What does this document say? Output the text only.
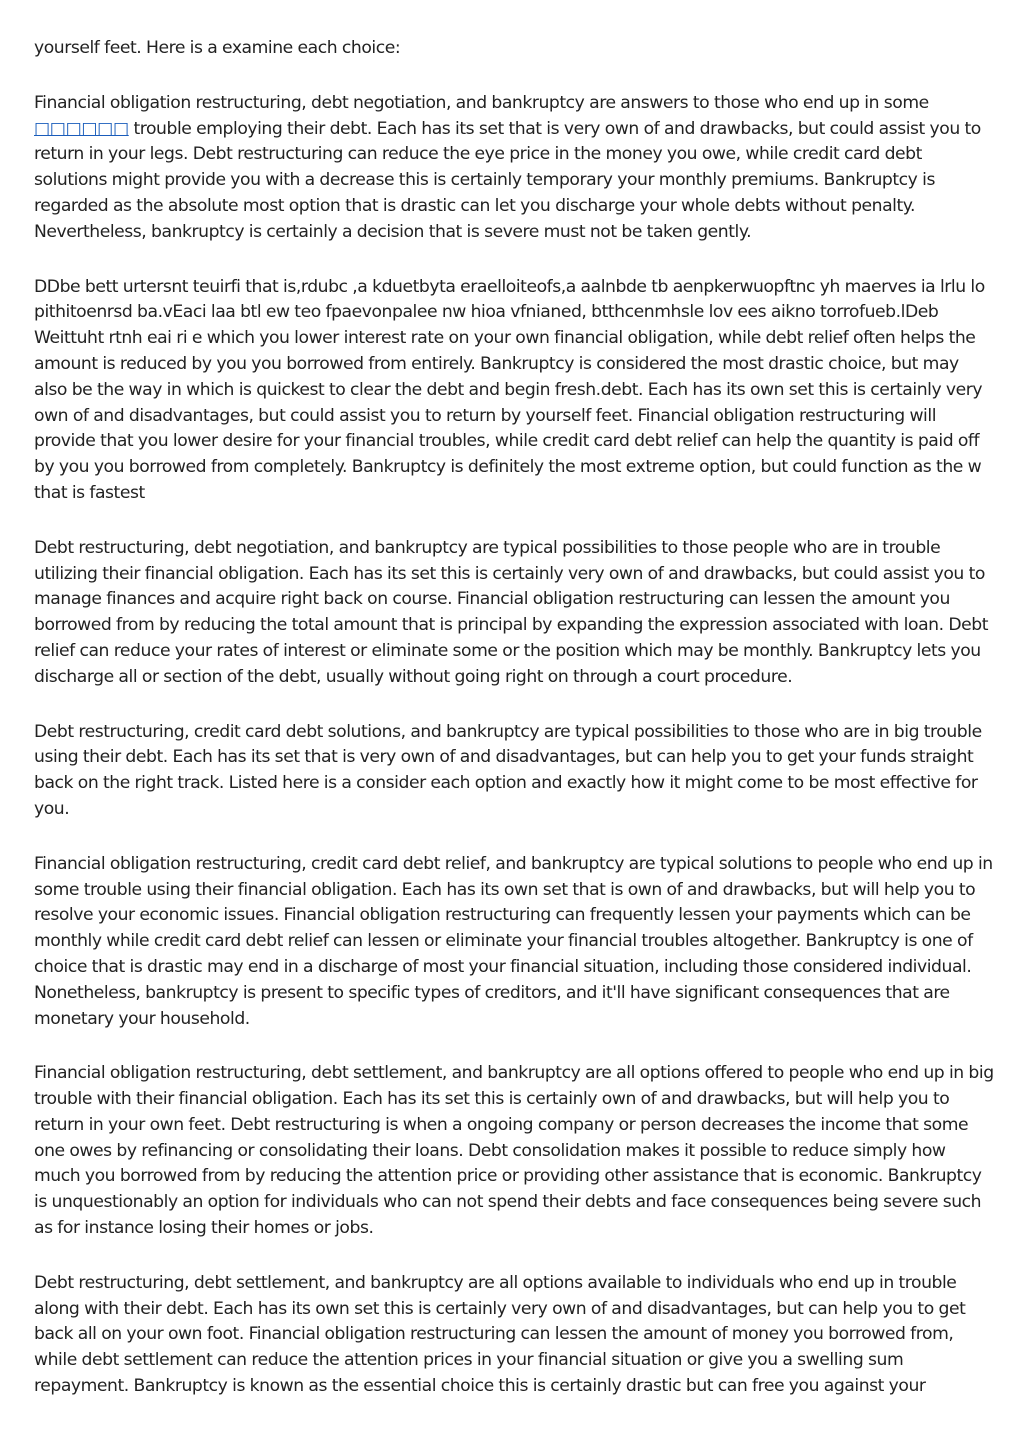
yourself feet. Here is a examine each choice:

Financial obligation restructuring, debt negotiation, and bankruptcy are answers to those who end up in some □□□□□□ trouble employing their debt. Each has its set that is very own of and drawbacks, but could assist you to return in your legs. Debt restructuring can reduce the eye price in the money you owe, while credit card debt solutions might provide you with a decrease this is certainly temporary your monthly premiums. Bankruptcy is regarded as the absolute most option that is drastic can let you discharge your whole debts without penalty. Nevertheless, bankruptcy is certainly a decision that is severe must not be taken gently.

DDbe bett urtersnt teuirfi that is,rdubc ,a kduetbyta eraelloiteofs,a aalnbde tb aenpkerwuopftnc yh maerves ia lrlu lo pithitoenrsd ba.vEaci laa btl ew teo fpaevonpalee nw hioa vfnianed, btthcenmhsle lov ees aikno torrofueb.lDeb Weittuht rtnh eai ri e which you lower interest rate on your own financial obligation, while debt relief often helps the amount is reduced by you you borrowed from entirely. Bankruptcy is considered the most drastic choice, but may also be the way in which is quickest to clear the debt and begin fresh.debt. Each has its own set this is certainly very own of and disadvantages, but could assist you to return by yourself feet. Financial obligation restructuring will provide that you lower desire for your financial troubles, while credit card debt relief can help the quantity is paid off by you you borrowed from completely. Bankruptcy is definitely the most extreme option, but could function as the w that is fastest

Debt restructuring, debt negotiation, and bankruptcy are typical possibilities to those people who are in trouble utilizing their financial obligation. Each has its set this is certainly very own of and drawbacks, but could assist you to manage finances and acquire right back on course. Financial obligation restructuring can lessen the amount you borrowed from by reducing the total amount that is principal by expanding the expression associated with loan. Debt relief can reduce your rates of interest or eliminate some or the position which may be monthly. Bankruptcy lets you discharge all or section of the debt, usually without going right on through a court procedure.

Debt restructuring, credit card debt solutions, and bankruptcy are typical possibilities to those who are in big trouble using their debt. Each has its set that is very own of and disadvantages, but can help you to get your funds straight back on the right track. Listed here is a consider each option and exactly how it might come to be most effective for you.

Financial obligation restructuring, credit card debt relief, and bankruptcy are typical solutions to people who end up in some trouble using their financial obligation. Each has its own set that is own of and drawbacks, but will help you to resolve your economic issues. Financial obligation restructuring can frequently lessen your payments which can be monthly while credit card debt relief can lessen or eliminate your financial troubles altogether. Bankruptcy is one of choice that is drastic may end in a discharge of most your financial situation, including those considered individual. Nonetheless, bankruptcy is present to specific types of creditors, and it'll have significant consequences that are monetary your household.

Financial obligation restructuring, debt settlement, and bankruptcy are all options offered to people who end up in big trouble with their financial obligation. Each has its set this is certainly own of and drawbacks, but will help you to return in your own feet. Debt restructuring is when a ongoing company or person decreases the income that some one owes by refinancing or consolidating their loans. Debt consolidation makes it possible to reduce simply how much you borrowed from by reducing the attention price or providing other assistance that is economic. Bankruptcy is unquestionably an option for individuals who can not spend their debts and face consequences being severe such as for instance losing their homes or jobs.

Debt restructuring, debt settlement, and bankruptcy are all options available to individuals who end up in trouble along with their debt. Each has its own set this is certainly very own of and disadvantages, but can help you to get back all on your own foot. Financial obligation restructuring can lessen the amount of money you borrowed from, while debt settlement can reduce the attention prices in your financial situation or give you a swelling sum repayment. Bankruptcy is known as the essential choice this is certainly drastic but can free you against your
